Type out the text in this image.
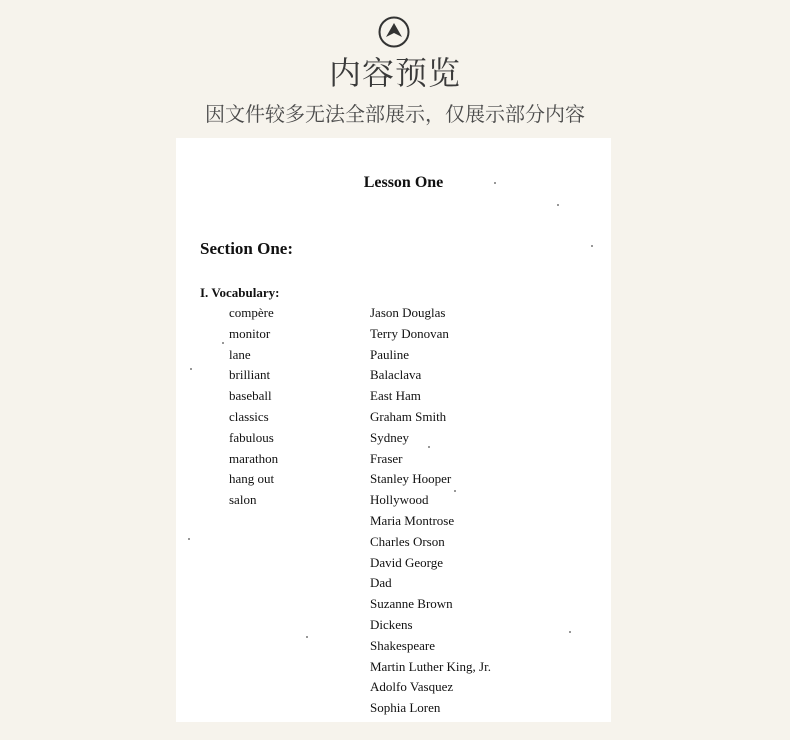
内容预览
因文件较多无法全部展示，仅展示部分内容
Lesson One
Section One:
I. Vocabulary:
compère
monitor
lane
brilliant
baseball
classics
fabulous
marathon
hang out
salon
Jason Douglas
Terry Donovan
Pauline
Balaclava
East Ham
Graham Smith
Sydney
Fraser
Stanley Hooper
Hollywood
Maria Montrose
Charles Orson
David George
Dad
Suzanne Brown
Dickens
Shakespeare
Martin Luther King, Jr.
Adolfo Vasquez
Sophia Loren
